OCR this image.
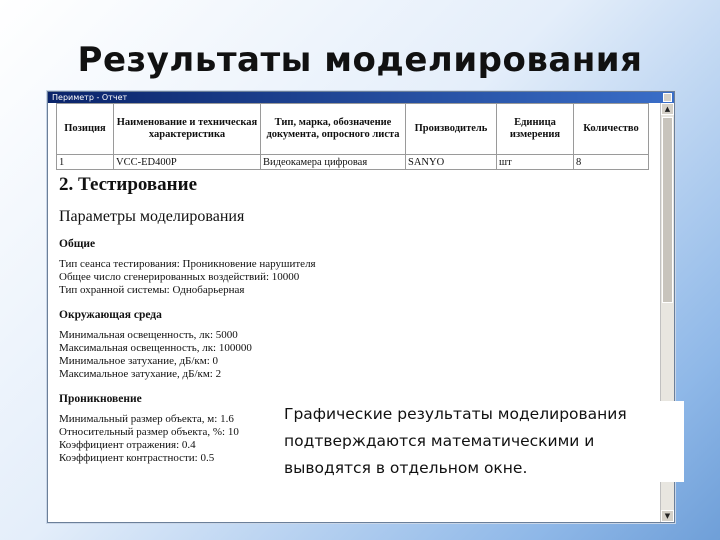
Результаты моделирования
Периметр - Отчет
Позиция	Наименование и техническая характеристика	Тип, марка, обозначение документа, опросного листа	Производитель	Единица измерения	Количество
1	VCC-ED400P	Видеокамера цифровая	SANYO	шт	8
2. Тестирование
Параметры моделирования
Общие

Тип сеанса тестирования: Проникновение нарушителя

Общее число сгенерированных воздействий: 10000

Тип охранной системы: Однобарьерная

Окружающая среда

Минимальная освещенность, лк: 5000

Максимальная освещенность, лк: 100000

Минимальное затухание, дБ/км: 0

Максимальное затухание, дБ/км: 2

Проникновение

Минимальный размер объекта, м: 1.6

Относительный размер объекта, %: 10

Коэффициент отражения: 0.4

Коэффициент контрастности: 0.5

▲
▼
Графические результаты моделирования
подтверждаются математическими и
выводятся в отдельном окне.
